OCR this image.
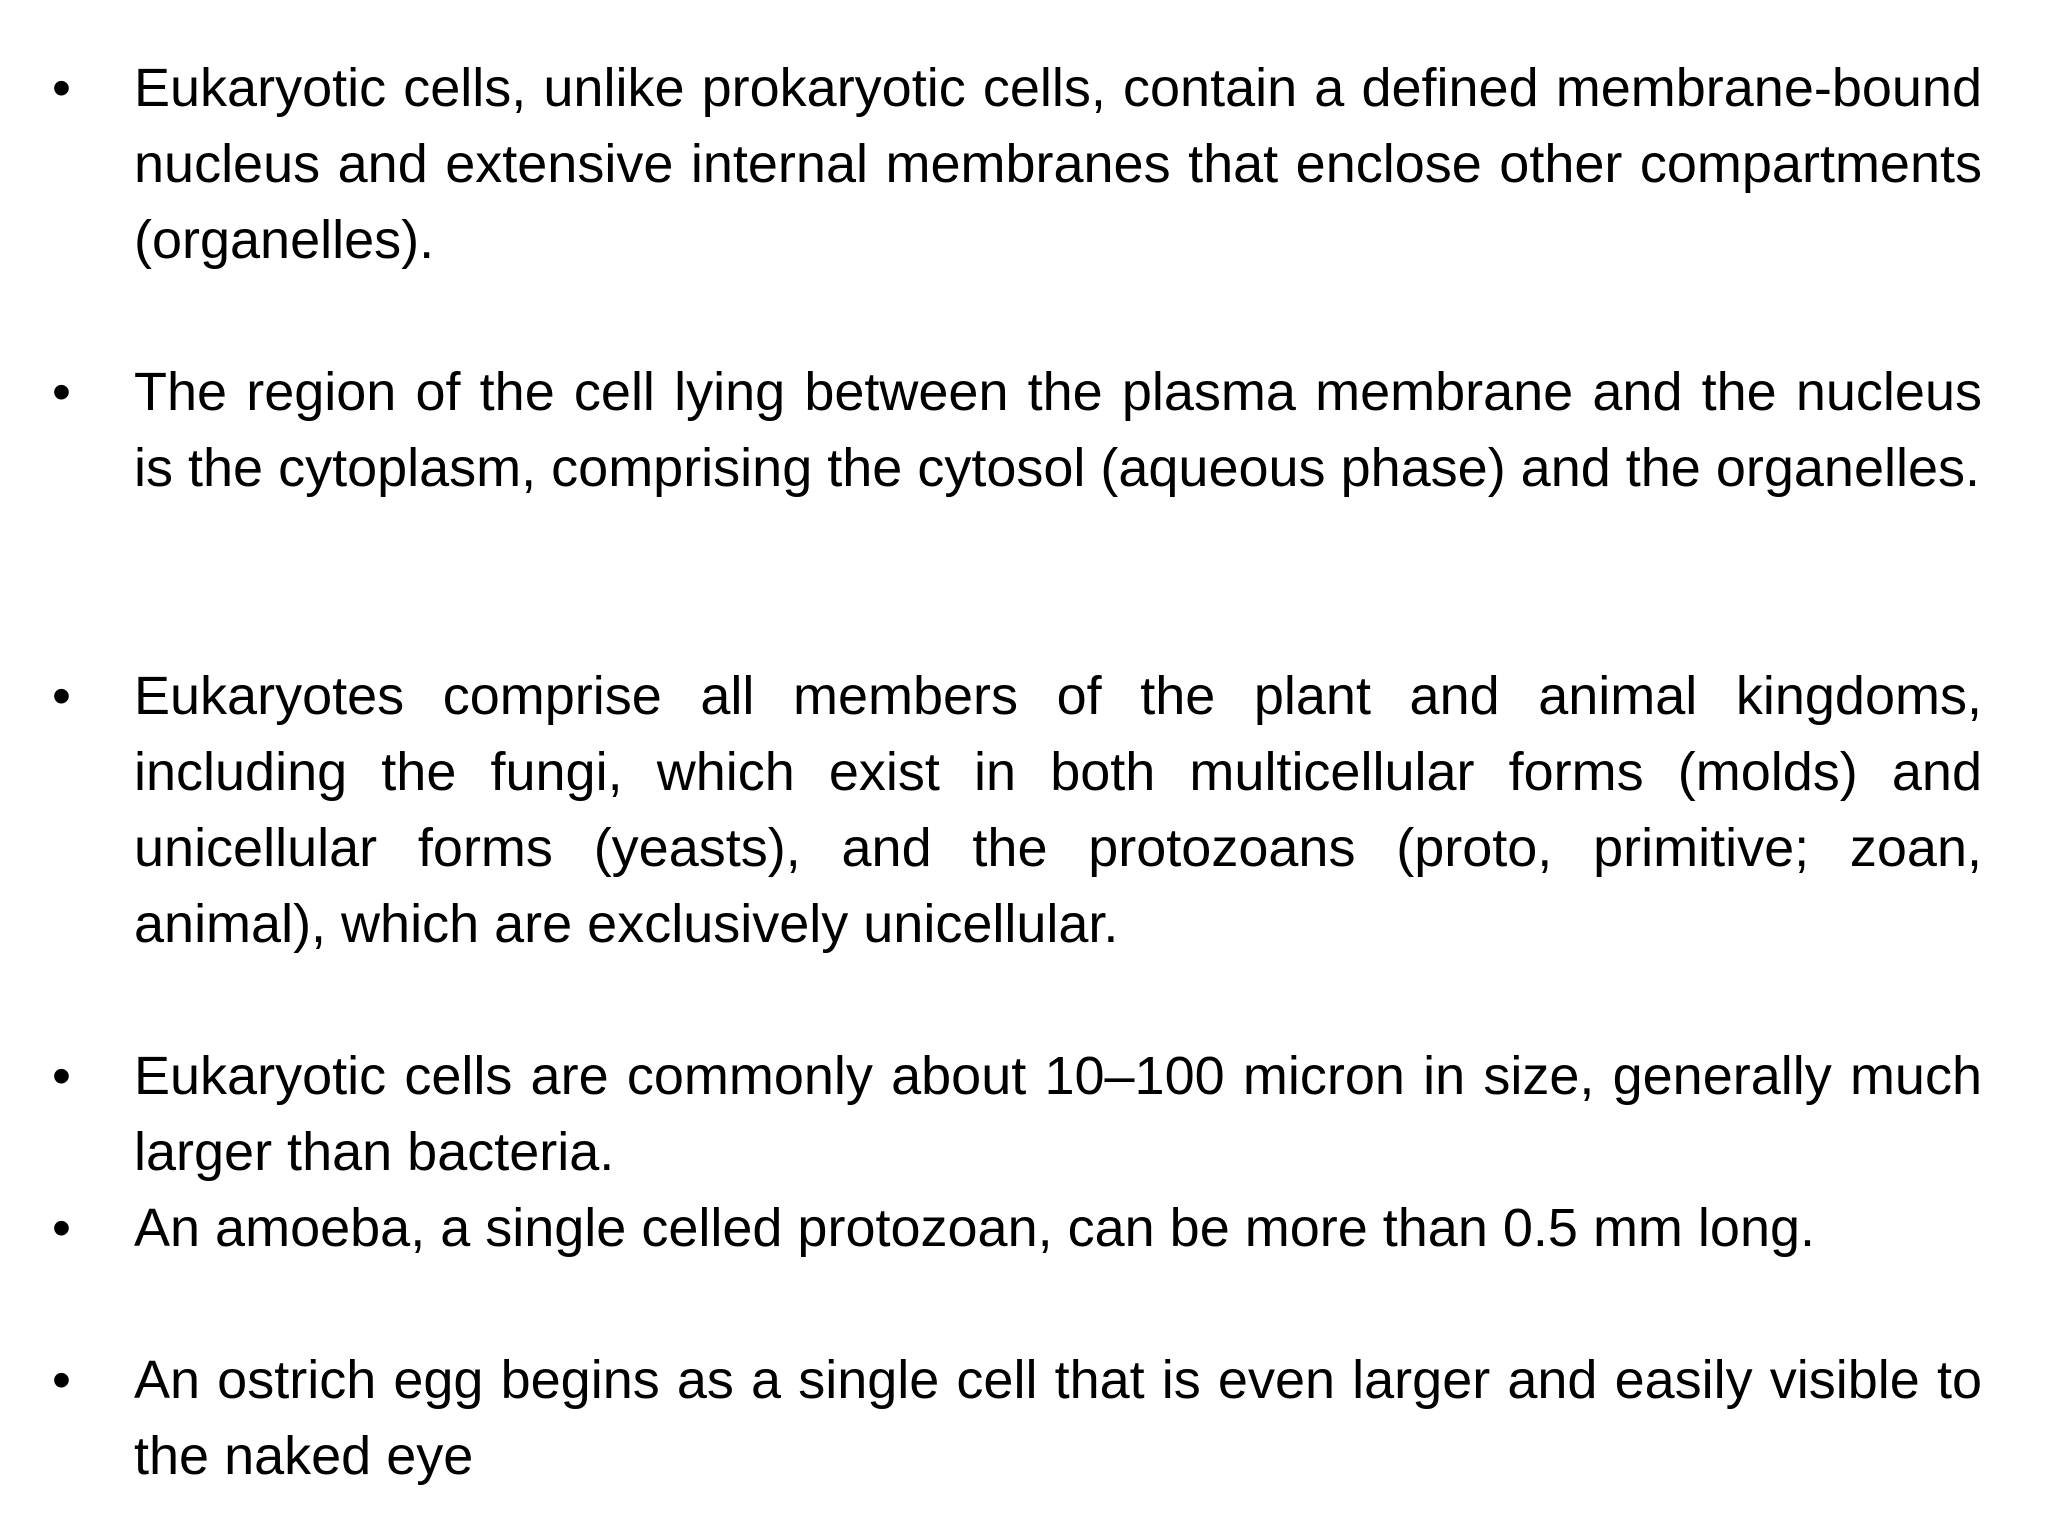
• Eukaryotic cells, unlike prokaryotic cells, contain a defined membrane-bound nucleus and extensive internal membranes that enclose other compartments (organelles).
• The region of the cell lying between the plasma membrane and the nucleus is the cytoplasm, comprising the cytosol (aqueous phase) and the organelles.
• Eukaryotes comprise all members of the plant and animal kingdoms, including the fungi, which exist in both multicellular forms (molds) and unicellular forms (yeasts), and the protozoans (proto, primitive; zoan, animal), which are exclusively unicellular.
• Eukaryotic cells are commonly about 10–100 micron in size, generally much larger than bacteria.
• An amoeba, a single celled protozoan, can be more than 0.5 mm long.
• An ostrich egg begins as a single cell that is even larger and easily visible to the naked eye
